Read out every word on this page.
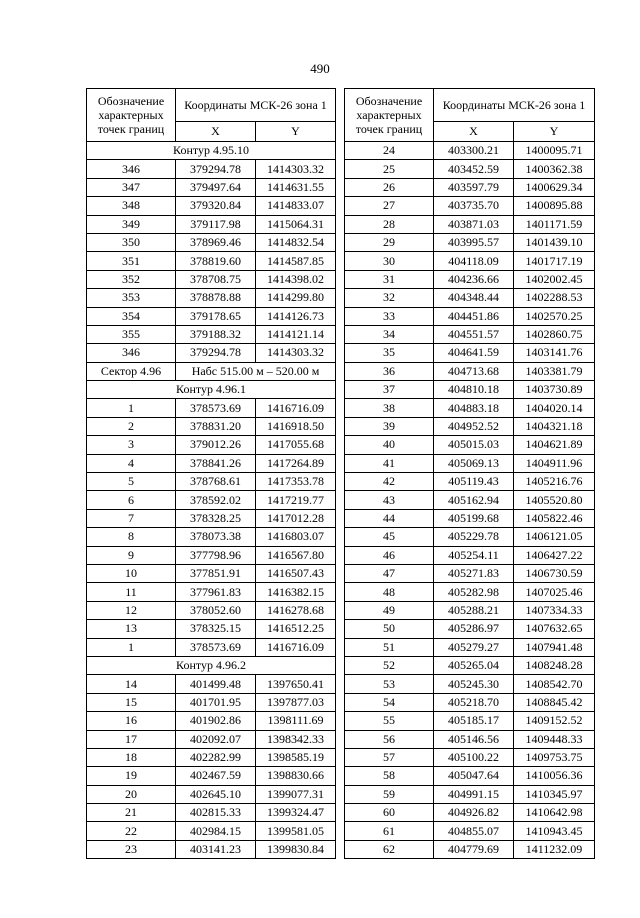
490
Обозначение характерных точек границ	Координаты МСК-26 зона 1	
	X	Y
Контур 4.95.10		
346	379294.78	1414303.32
347	379497.64	1414631.55
348	379320.84	1414833.07
349	379117.98	1415064.31
350	378969.46	1414832.54
351	378819.60	1414587.85
352	378708.75	1414398.02
353	378878.88	1414299.80
354	379178.65	1414126.73
355	379188.32	1414121.14
346	379294.78	1414303.32
Сектор 4.96	Набс 515.00 м – 520.00 м	
Контур 4.96.1		
1	378573.69	1416716.09
2	378831.20	1416918.50
3	379012.26	1417055.68
4	378841.26	1417264.89
5	378768.61	1417353.78
6	378592.02	1417219.77
7	378328.25	1417012.28
8	378073.38	1416803.07
9	377798.96	1416567.80
10	377851.91	1416507.43
11	377961.83	1416382.15
12	378052.60	1416278.68
13	378325.15	1416512.25
1	378573.69	1416716.09
Контур 4.96.2		
14	401499.48	1397650.41
15	401701.95	1397877.03
16	401902.86	1398111.69
17	402092.07	1398342.33
18	402282.99	1398585.19
19	402467.59	1398830.66
20	402645.10	1399077.31
21	402815.33	1399324.47
22	402984.15	1399581.05
23	403141.23	1399830.84
Обозначение характерных точек границ	Координаты МСК-26 зона 1	
	X	Y
24	403300.21	1400095.71
25	403452.59	1400362.38
26	403597.79	1400629.34
27	403735.70	1400895.88
28	403871.03	1401171.59
29	403995.57	1401439.10
30	404118.09	1401717.19
31	404236.66	1402002.45
32	404348.44	1402288.53
33	404451.86	1402570.25
34	404551.57	1402860.75
35	404641.59	1403141.76
36	404713.68	1403381.79
37	404810.18	1403730.89
38	404883.18	1404020.14
39	404952.52	1404321.18
40	405015.03	1404621.89
41	405069.13	1404911.96
42	405119.43	1405216.76
43	405162.94	1405520.80
44	405199.68	1405822.46
45	405229.78	1406121.05
46	405254.11	1406427.22
47	405271.83	1406730.59
48	405282.98	1407025.46
49	405288.21	1407334.33
50	405286.97	1407632.65
51	405279.27	1407941.48
52	405265.04	1408248.28
53	405245.30	1408542.70
54	405218.70	1408845.42
55	405185.17	1409152.52
56	405146.56	1409448.33
57	405100.22	1409753.75
58	405047.64	1410056.36
59	404991.15	1410345.97
60	404926.82	1410642.98
61	404855.07	1410943.45
62	404779.69	1411232.09
